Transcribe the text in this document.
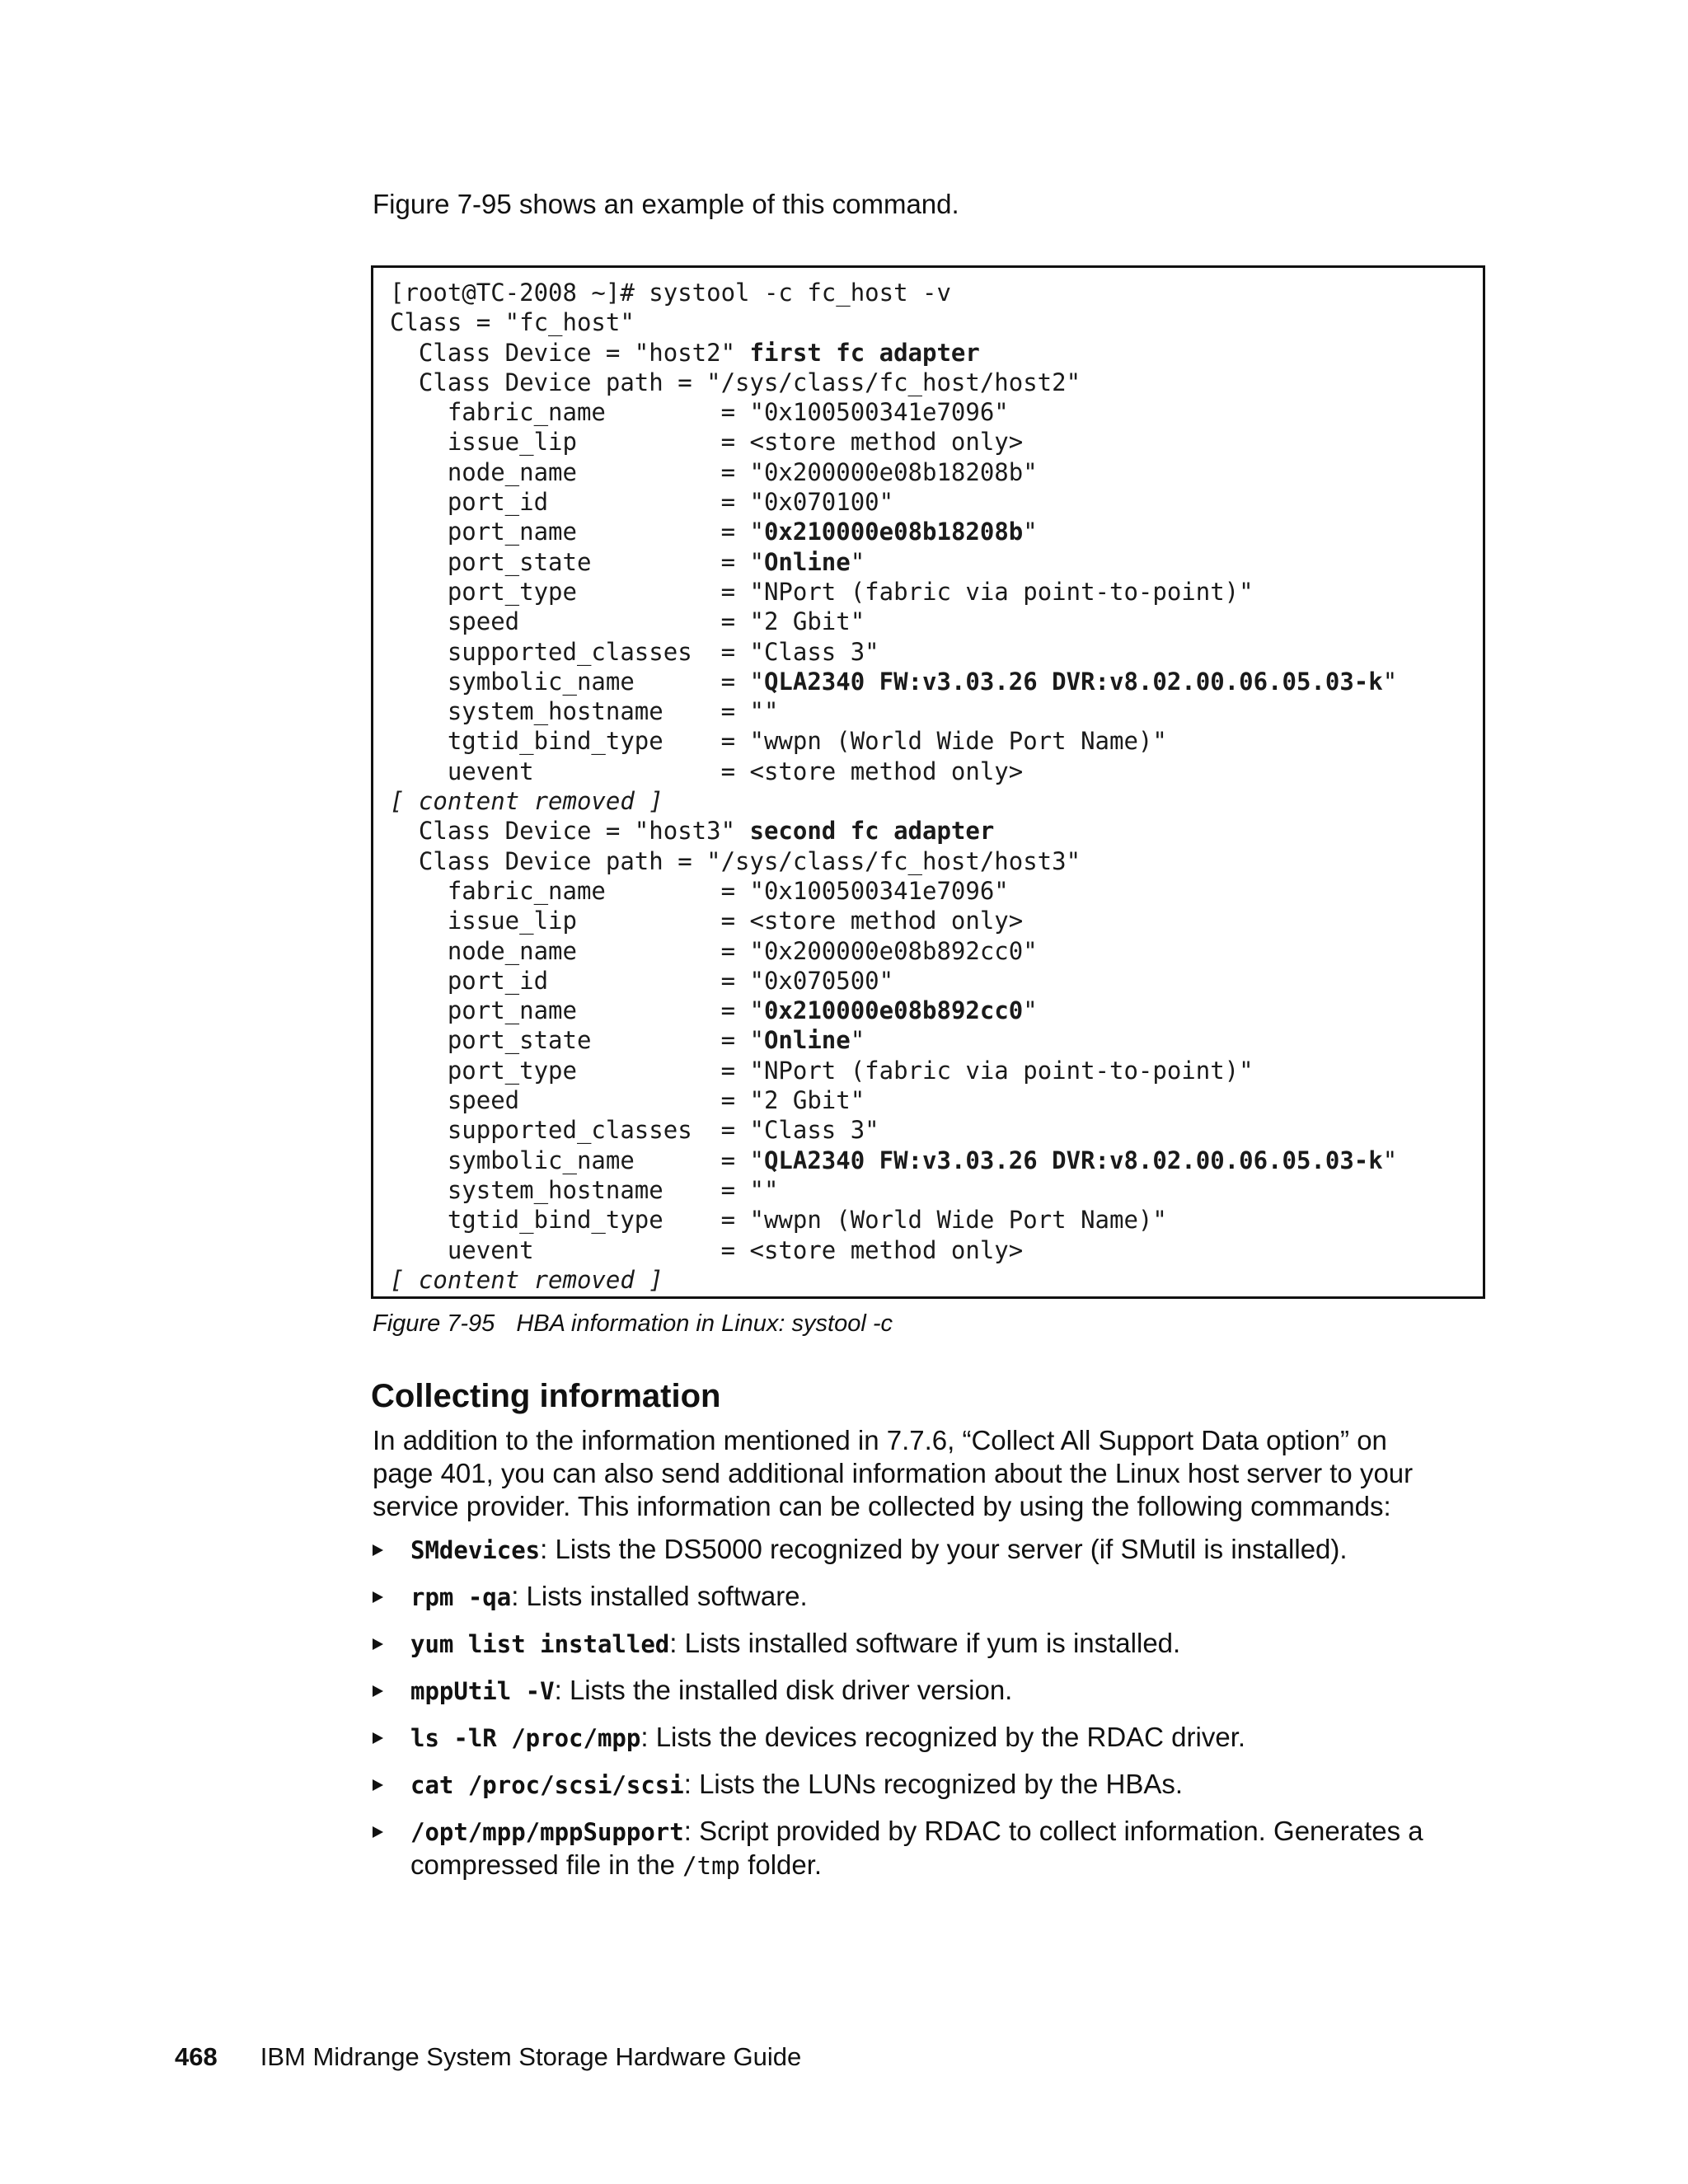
Figure 7-95 shows an example of this command.

[root@TC-2008 ~]# systool -c fc_host -v
Class = "fc_host"
Class Device = "host2" first fc adapter
Class Device path = "/sys/class/fc_host/host2"
fabric_name        = "0x100500341e7096"
issue_lip          = <store method only>
node_name          = "0x200000e08b18208b"
port_id            = "0x070100"
port_name          = "0x210000e08b18208b"
port_state         = "Online"
port_type          = "NPort (fabric via point-to-point)"
speed              = "2 Gbit"
supported_classes  = "Class 3"
symbolic_name      = "QLA2340 FW:v3.03.26 DVR:v8.02.00.06.05.03-k"
system_hostname    = ""
tgtid_bind_type    = "wwpn (World Wide Port Name)"
uevent             = <store method only>
[ content removed ]
Class Device = "host3" second fc adapter
Class Device path = "/sys/class/fc_host/host3"
fabric_name        = "0x100500341e7096"
issue_lip          = <store method only>
node_name          = "0x200000e08b892cc0"
port_id            = "0x070500"
port_name          = "0x210000e08b892cc0"
port_state         = "Online"
port_type          = "NPort (fabric via point-to-point)"
speed              = "2 Gbit"
supported_classes  = "Class 3"
symbolic_name      = "QLA2340 FW:v3.03.26 DVR:v8.02.00.06.05.03-k"
system_hostname    = ""
tgtid_bind_type    = "wwpn (World Wide Port Name)"
uevent             = <store method only>
[ content removed ]

Figure 7-95 HBA information in Linux: systool -c

Collecting information

In addition to the information mentioned in 7.7.6, “Collect All Support Data option” on page 401, you can also send additional information about the Linux host server to your service provider. This information can be collected by using the following commands:

SMdevices: Lists the DS5000 recognized by your server (if SMutil is installed).
rpm -qa: Lists installed software.
yum list installed: Lists installed software if yum is installed.
mppUtil -V: Lists the installed disk driver version.
ls -lR /proc/mpp: Lists the devices recognized by the RDAC driver.
cat /proc/scsi/scsi: Lists the LUNs recognized by the HBAs.
/opt/mpp/mppSupport: Script provided by RDAC to collect information. Generates a compressed file in the /tmp folder.

468 IBM Midrange System Storage Hardware Guide
